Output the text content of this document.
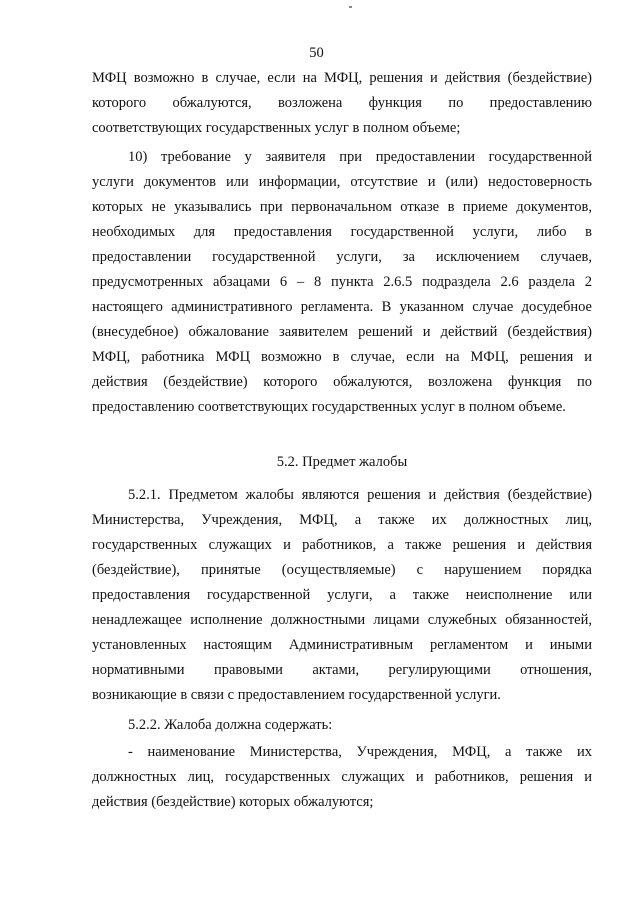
50

МФЦ возможно в случае, если на МФЦ, решения и действия (бездействие)
которого обжалуются, возложена функция по предоставлению
соответствующих государственных услуг в полном объеме;
10) требование у заявителя при предоставлении государственной
услуги документов или информации, отсутствие и (или) недостоверность
которых не указывались при первоначальном отказе в приеме документов,
необходимых для предоставления государственной услуги, либо в
предоставлении государственной услуги, за исключением случаев,
предусмотренных абзацами 6 – 8 пункта 2.6.5 подраздела 2.6 раздела 2
настоящего административного регламента. В указанном случае досудебное
(внесудебное) обжалование заявителем решений и действий (бездействия)
МФЦ, работника МФЦ возможно в случае, если на МФЦ, решения и
действия (бездействие) которого обжалуются, возложена функция по
предоставлению соответствующих государственных услуг в полном объеме.

5.2. Предмет жалобы

5.2.1. Предметом жалобы являются решения и действия (бездействие)
Министерства, Учреждения, МФЦ, а также их должностных лиц,
государственных служащих и работников, а также решения и действия
(бездействие), принятые (осуществляемые) с нарушением порядка
предоставления государственной услуги, а также неисполнение или
ненадлежащее исполнение должностными лицами служебных обязанностей,
установленных настоящим Административным регламентом и иными
нормативными правовыми актами, регулирующими отношения,
возникающие в связи с предоставлением государственной услуги.
5.2.2. Жалоба должна содержать:
- наименование Министерства, Учреждения, МФЦ, а также их
должностных лиц, государственных служащих и работников, решения и
действия (бездействие) которых обжалуются;
